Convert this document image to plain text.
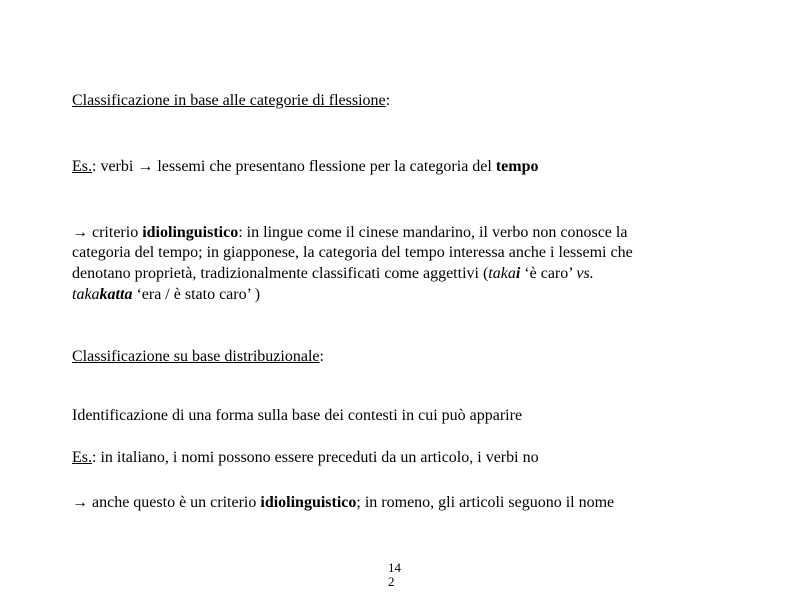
Classificazione in base alle categorie di flessione:
Es.: verbi → lessemi che presentano flessione per la categoria del tempo
→ criterio idiolinguistico: in lingue come il cinese mandarino, il verbo non conosce la
categoria del tempo; in giapponese, la categoria del tempo interessa anche i lessemi che
denotano proprietà, tradizionalmente classificati come aggettivi (takai ‘è caro’ vs.
takakatta ‘era / è stato caro’ )
Classificazione su base distribuzionale:
Identificazione di una forma sulla base dei contesti in cui può apparire
Es.: in italiano, i nomi possono essere preceduti da un articolo, i verbi no
→ anche questo è un criterio idiolinguistico; in romeno, gli articoli seguono il nome
14
2
